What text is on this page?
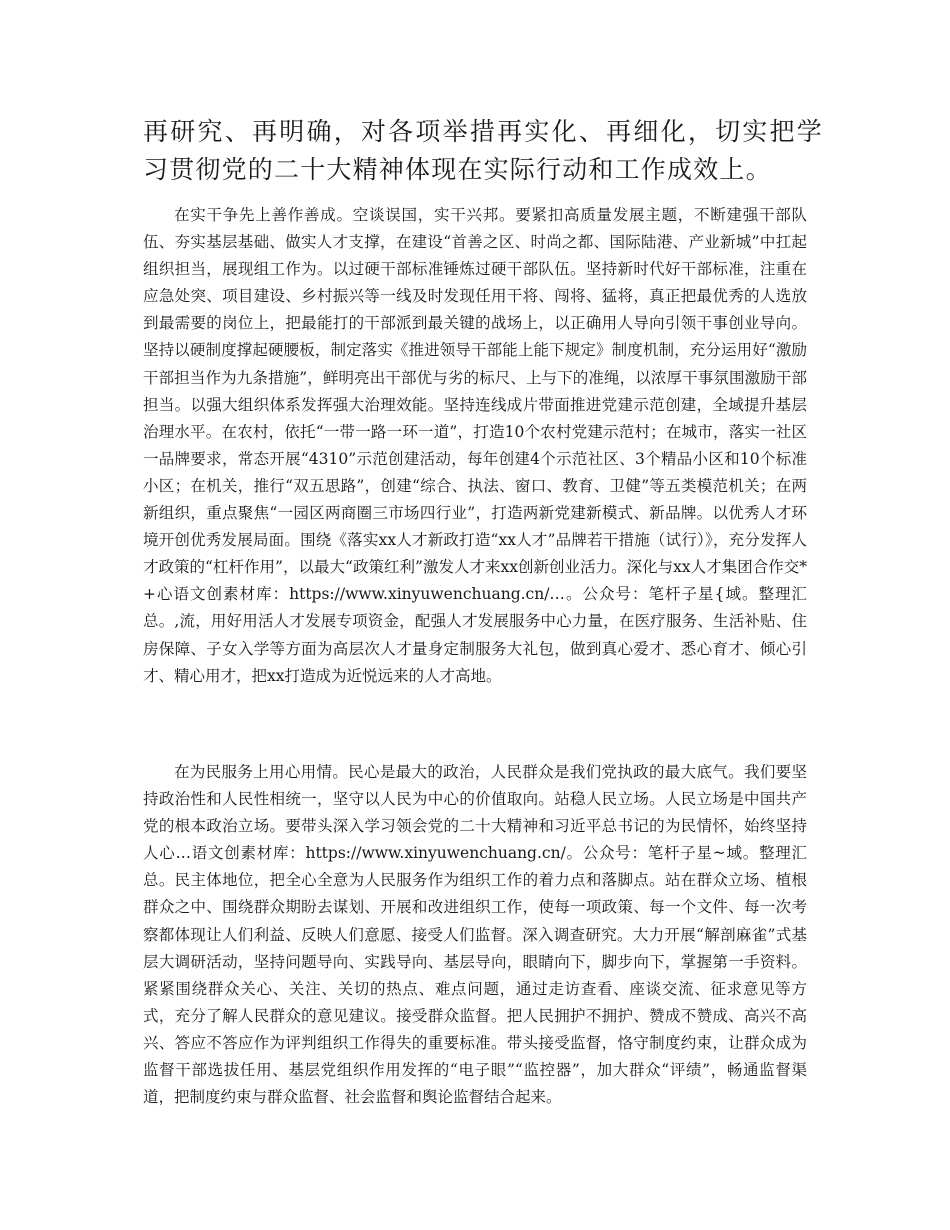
再研究、再明确，对各项举措再实化、再细化，切实把学习贯彻党的二十大精神体现在实际行动和工作成效上。

在实干争先上善作善成。空谈误国，实干兴邦。要紧扣高质量发展主题，不断建强干部队伍、夯实基层基础、做实人才支撑，在建设“首善之区、时尚之都、国际陆港、产业新城”中扛起组织担当，展现组工作为。以过硬干部标准锤炼过硬干部队伍。坚持新时代好干部标准，注重在应急处突、项目建设、乡村振兴等一线及时发现任用干将、闯将、猛将，真正把最优秀的人选放到最需要的岗位上，把最能打的干部派到最关键的战场上，以正确用人导向引领干事创业导向。坚持以硬制度撑起硬腰板，制定落实《推进领导干部能上能下规定》制度机制，充分运用好“激励干部担当作为九条措施”，鲜明亮出干部优与劣的标尺、上与下的准绳，以浓厚干事氛围激励干部担当。以强大组织体系发挥强大治理效能。坚持连线成片带面推进党建示范创建，全域提升基层治理水平。在农村，依托“一带一路一环一道”，打造10个农村党建示范村；在城市，落实一社区一品牌要求，常态开展“4310”示范创建活动，每年创建4个示范社区、3个精品小区和10个标准小区；在机关，推行“双五思路”，创建“综合、执法、窗口、教育、卫健”等五类模范机关；在两新组织，重点聚焦“一园区两商圈三市场四行业”，打造两新党建新模式、新品牌。以优秀人才环境开创优秀发展局面。围绕《落实xx人才新政打造“xx人才”品牌若干措施（试行）》，充分发挥人才政策的“杠杆作用”，以最大“政策红利”激发人才来xx创新创业活力。深化与xx人才集团合作交*+心语文创素材库：https://www.xinyuwenchuang.cn/…。公众号：笔杆子星{域。整理汇总。,流，用好用活人才发展专项资金，配强人才发展服务中心力量，在医疗服务、生活补贴、住房保障、子女入学等方面为高层次人才量身定制服务大礼包，做到真心爱才、悉心育才、倾心引才、精心用才，把xx打造成为近悦远来的人才高地。

在为民服务上用心用情。民心是最大的政治，人民群众是我们党执政的最大底气。我们要坚持政治性和人民性相统一，坚守以人民为中心的价值取向。站稳人民立场。人民立场是中国共产党的根本政治立场。要带头深入学习领会党的二十大精神和习近平总书记的为民情怀，始终坚持人心…语文创素材库：https://www.xinyuwenchuang.cn/。公众号：笔杆子星~域。整理汇总。民主体地位，把全心全意为人民服务作为组织工作的着力点和落脚点。站在群众立场、植根群众之中、围绕群众期盼去谋划、开展和改进组织工作，使每一项政策、每一个文件、每一次考察都体现让人们利益、反映人们意愿、接受人们监督。深入调查研究。大力开展“解剖麻雀”式基层大调研活动，坚持问题导向、实践导向、基层导向，眼睛向下，脚步向下，掌握第一手资料。紧紧围绕群众关心、关注、关切的热点、难点问题，通过走访查看、座谈交流、征求意见等方式，充分了解人民群众的意见建议。接受群众监督。把人民拥护不拥护、赞成不赞成、高兴不高兴、答应不答应作为评判组织工作得失的重要标准。带头接受监督，恪守制度约束，让群众成为监督干部选拔任用、基层党组织作用发挥的“电子眼”“监控器”，加大群众“评绩”，畅通监督渠道，把制度约束与群众监督、社会监督和舆论监督结合起来。
